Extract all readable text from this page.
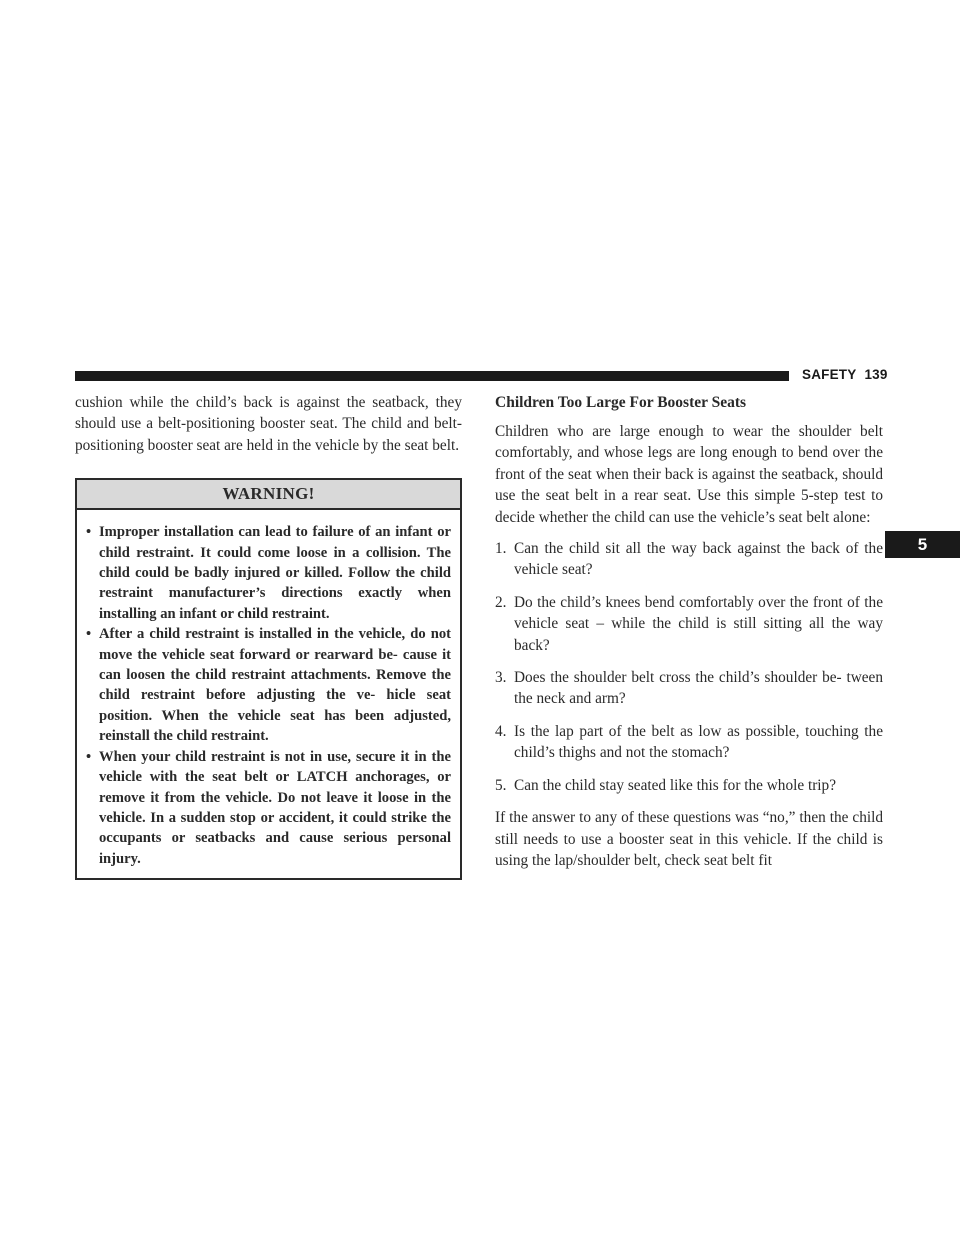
SAFETY 139
5

cushion while the child’s back is against the seatback, they should use a belt-positioning booster seat. The child and belt-positioning booster seat are held in the vehicle by the seat belt.

WARNING!
• Improper installation can lead to failure of an infant or child restraint. It could come loose in a collision. The child could be badly injured or killed. Follow the child restraint manufacturer’s directions exactly when installing an infant or child restraint.
• After a child restraint is installed in the vehicle, do not move the vehicle seat forward or rearward be- cause it can loosen the child restraint attachments. Remove the child restraint before adjusting the ve- hicle seat position. When the vehicle seat has been adjusted, reinstall the child restraint.
• When your child restraint is not in use, secure it in the vehicle with the seat belt or LATCH anchorages, or remove it from the vehicle. Do not leave it loose in the vehicle. In a sudden stop or accident, it could strike the occupants or seatbacks and cause serious personal injury.
Children Too Large For Booster Seats

Children who are large enough to wear the shoulder belt comfortably, and whose legs are long enough to bend over the front of the seat when their back is against the seatback, should use the seat belt in a rear seat. Use this simple 5-step test to decide whether the child can use the vehicle’s seat belt alone:

1. Can the child sit all the way back against the back of the vehicle seat?
2. Do the child’s knees bend comfortably over the front of the vehicle seat – while the child is still sitting all the way back?
3. Does the shoulder belt cross the child’s shoulder be- tween the neck and arm?
4. Is the lap part of the belt as low as possible, touching the child’s thighs and not the stomach?
5. Can the child stay seated like this for the whole trip?

If the answer to any of these questions was “no,” then the child still needs to use a booster seat in this vehicle. If the child is using the lap/shoulder belt, check seat belt fit
